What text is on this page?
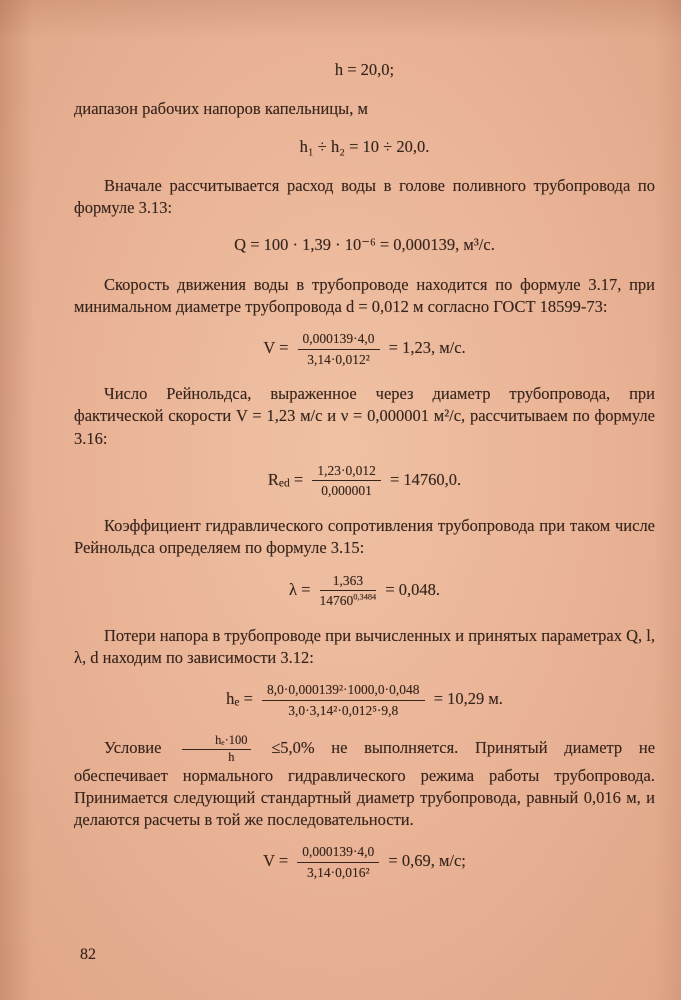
h = 20,0;

диапазон рабочих напоров капельницы, м

h₁ ÷ h₂ = 10 ÷ 20,0.

Вначале рассчитывается расход воды в голове поливного трубопровода по формуле 3.13:

Q = 100 · 1,39 · 10⁻⁶ = 0,000139, м³/с.

Скорость движения воды в трубопроводе находится по формуле 3.17, при минимальном диаметре трубопровода d = 0,012 м согласно ГОСТ 18599-73:

$V = \frac{0,000139\cdot 4,0}{\text{3,14·0,012²}} = 1,23$, м/с.

Число Рейнольдса, выраженное через диаметр трубопровода, при фактической скорости V = 1,23 м/с и ν = 0,000001 м²/с, рассчитываем по формуле 3.16:

Red = $\frac{1,23\cdot 0,012}{0,000001} = 14760,0$.

Коэффициент гидравлического сопротивления трубопровода при таком числе Рейнольдса определяем по формуле 3.15:

$\lambda = \frac{1,363}{14760^{0,3484}} = 0,048$.

Потери напора в трубопроводе при вычисленных и принятых параметрах Q, l, λ, d находим по зависимости 3.12:

he = $\frac{\text{8,0·0,000139²·1000,0·0,048}}{\text{3,0·3,14²·0,012⁵·9,8}} = 10,29$ м.

Условие $\frac{\text{hₑ·100}}{h} \le 5,0\%$ не выполняется. Принятый диаметр не обеспечивает нормального гидравлического режима работы трубопровода. Принимается следующий стандартный диаметр трубопровода, равный 0,016 м, и делаются расчеты в той же последовательности.

$V = \frac{0,000139\cdot 4,0}{\text{3,14·0,016²}} = 0,69$, м/с;
82
